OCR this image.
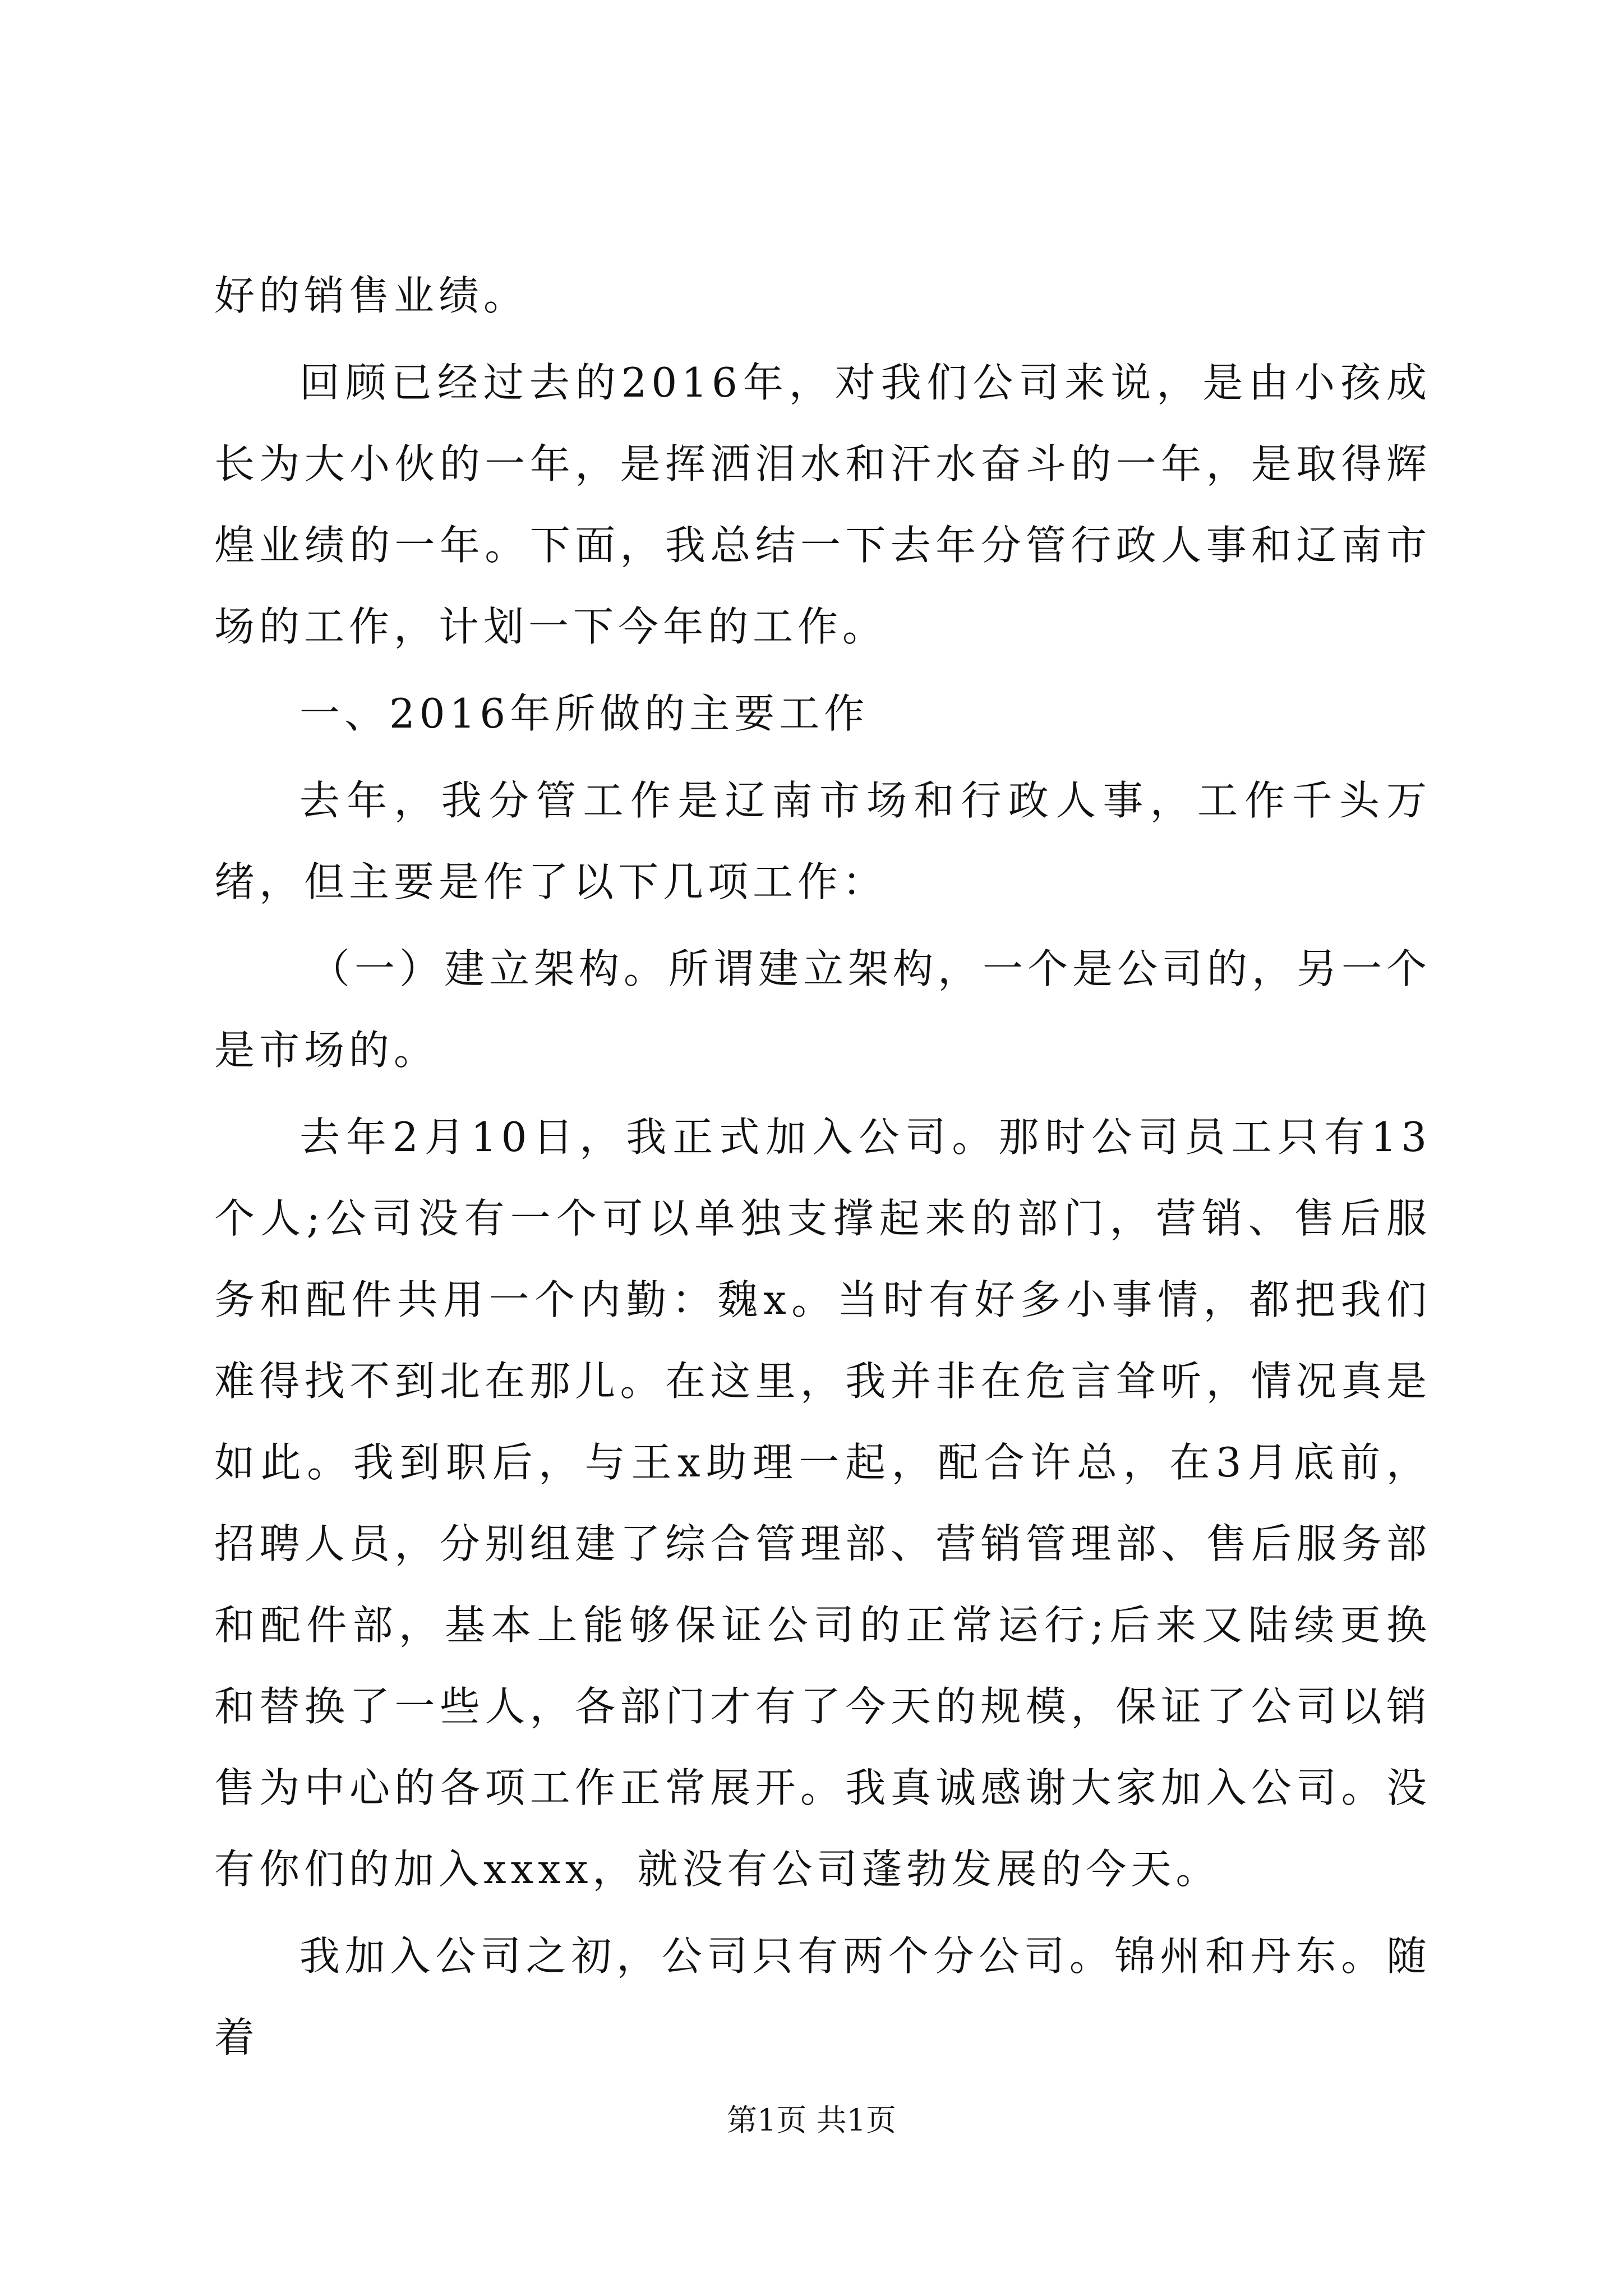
好的销售业绩。

回顾已经过去的2016年，对我们公司来说，是由小孩成长为大小伙的一年，是挥洒泪水和汗水奋斗的一年，是取得辉煌业绩的一年。下面，我总结一下去年分管行政人事和辽南市场的工作，计划一下今年的工作。

一、2016年所做的主要工作

去年，我分管工作是辽南市场和行政人事，工作千头万绪，但主要是作了以下几项工作：

（一）建立架构。所谓建立架构，一个是公司的，另一个是市场的。

去年2月10日，我正式加入公司。那时公司员工只有13个人;公司没有一个可以单独支撑起来的部门，营销、售后服务和配件共用一个内勤：魏x。当时有好多小事情，都把我们难得找不到北在那儿。在这里，我并非在危言耸听，情况真是如此。我到职后，与王x助理一起，配合许总，在3月底前，招聘人员，分别组建了综合管理部、营销管理部、售后服务部和配件部，基本上能够保证公司的正常运行;后来又陆续更换和替换了一些人，各部门才有了今天的规模，保证了公司以销售为中心的各项工作正常展开。我真诚感谢大家加入公司。没有你们的加入xxxx，就没有公司蓬勃发展的今天。

我加入公司之初，公司只有两个分公司。锦州和丹东。随着

第1页 共1页
